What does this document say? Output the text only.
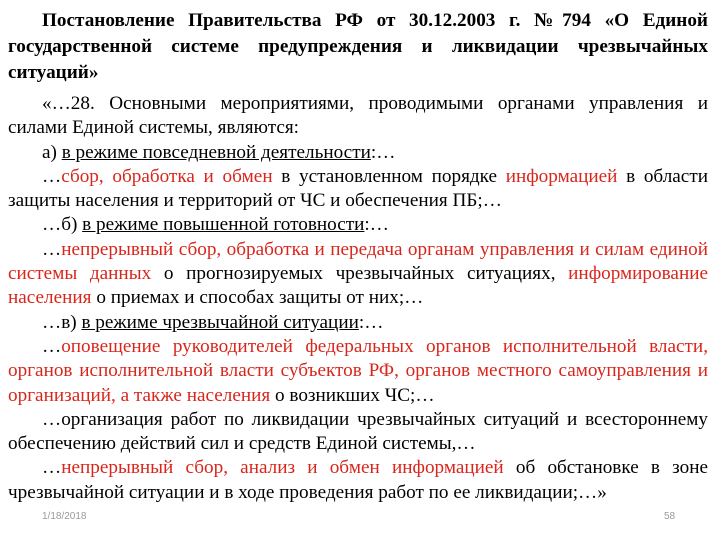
Постановление Правительства РФ от 30.12.2003 г. №794 «О Единой государственной системе предупреждения и ликвидации чрезвычайных ситуаций»

«…28. Основными мероприятиями, проводимыми органами управления и силами Единой системы, являются:

а) в режиме повседневной деятельности:…

…сбор, обработка и обмен в установленном порядке информацией в области защиты населения и территорий от ЧС и обеспечения ПБ;…

…б) в режиме повышенной готовности:…

…непрерывный сбор, обработка и передача органам управления и силам единой системы данных о прогнозируемых чрезвычайных ситуациях, информирование населения о приемах и способах защиты от них;…

…в) в режиме чрезвычайной ситуации:…

…оповещение руководителей федеральных органов исполнительной власти, органов исполнительной власти субъектов РФ, органов местного самоуправления и организаций, а также населения о возникших ЧС;…

…организация работ по ликвидации чрезвычайных ситуаций и всестороннему обеспечению действий сил и средств Единой системы,…

…непрерывный сбор, анализ и обмен информацией об обстановке в зоне чрезвычайной ситуации и в ходе проведения работ по ее ликвидации;…»

1/18/2018	58
